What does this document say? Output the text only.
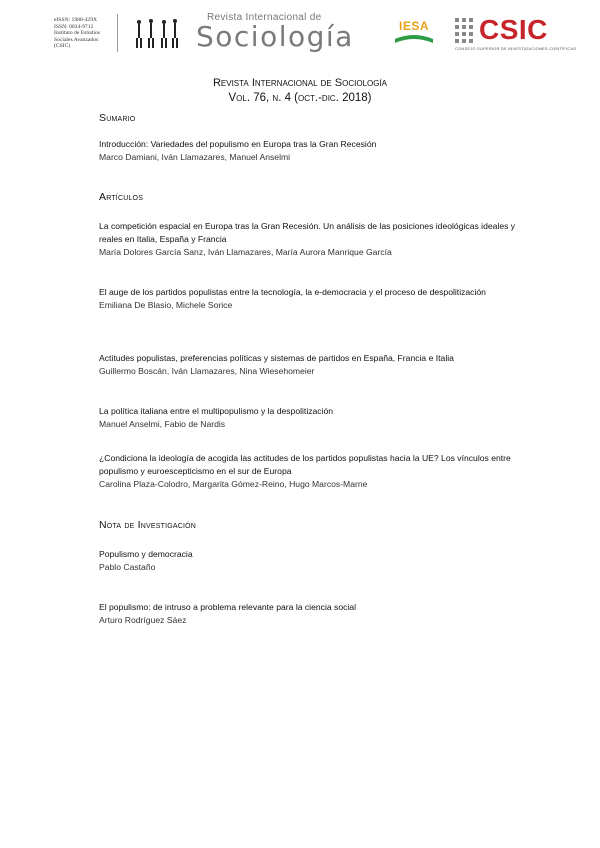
eISSN: 1988-429X
ISSN: 0034-9712
Instituto de Estudios
Sociales Avanzados
(CSIC)
Revista Internacional de
Sociología	IESA CSIC
CONSEJO SUPERIOR DE INVESTIGACIONES CIENTÍFICAS
Revista Internacional de Sociología
Vol. 76, n. 4 (oct.-dic. 2018)
Sumario
Introducción: Variedades del populismo en Europa tras la Gran Recesión
Marco Damiani, Iván Llamazares, Manuel Anselmi
Artículos
La competición espacial en Europa tras la Gran Recesión. Un análisis de las posiciones ideológicas ideales y reales en Italia, España y Francia
María Dolores García Sanz, Iván Llamazares, María Aurora Manrique García
El auge de los partidos populistas entre la tecnología, la e-democracia y el proceso de despolitización
Emiliana De Blasio, Michele Sorice
Actitudes populistas, preferencias políticas y sistemas de partidos en España, Francia e Italia
Guillermo Boscán, Iván Llamazares, Nina Wiesehomeier
La política italiana entre el multipopulismo y la despolitización
Manuel Anselmi, Fabio de Nardis
¿Condiciona la ideología de acogida las actitudes de los partidos populistas hacia la UE? Los vínculos entre populismo y euroescepticismo en el sur de Europa
Carolina Plaza-Colodro, Margarita Gómez-Reino, Hugo Marcos-Marne
Nota de Investigación
Populismo y democracia
Pablo Castaño
El populismo: de intruso a problema relevante para la ciencia social
Arturo Rodríguez Sáez
